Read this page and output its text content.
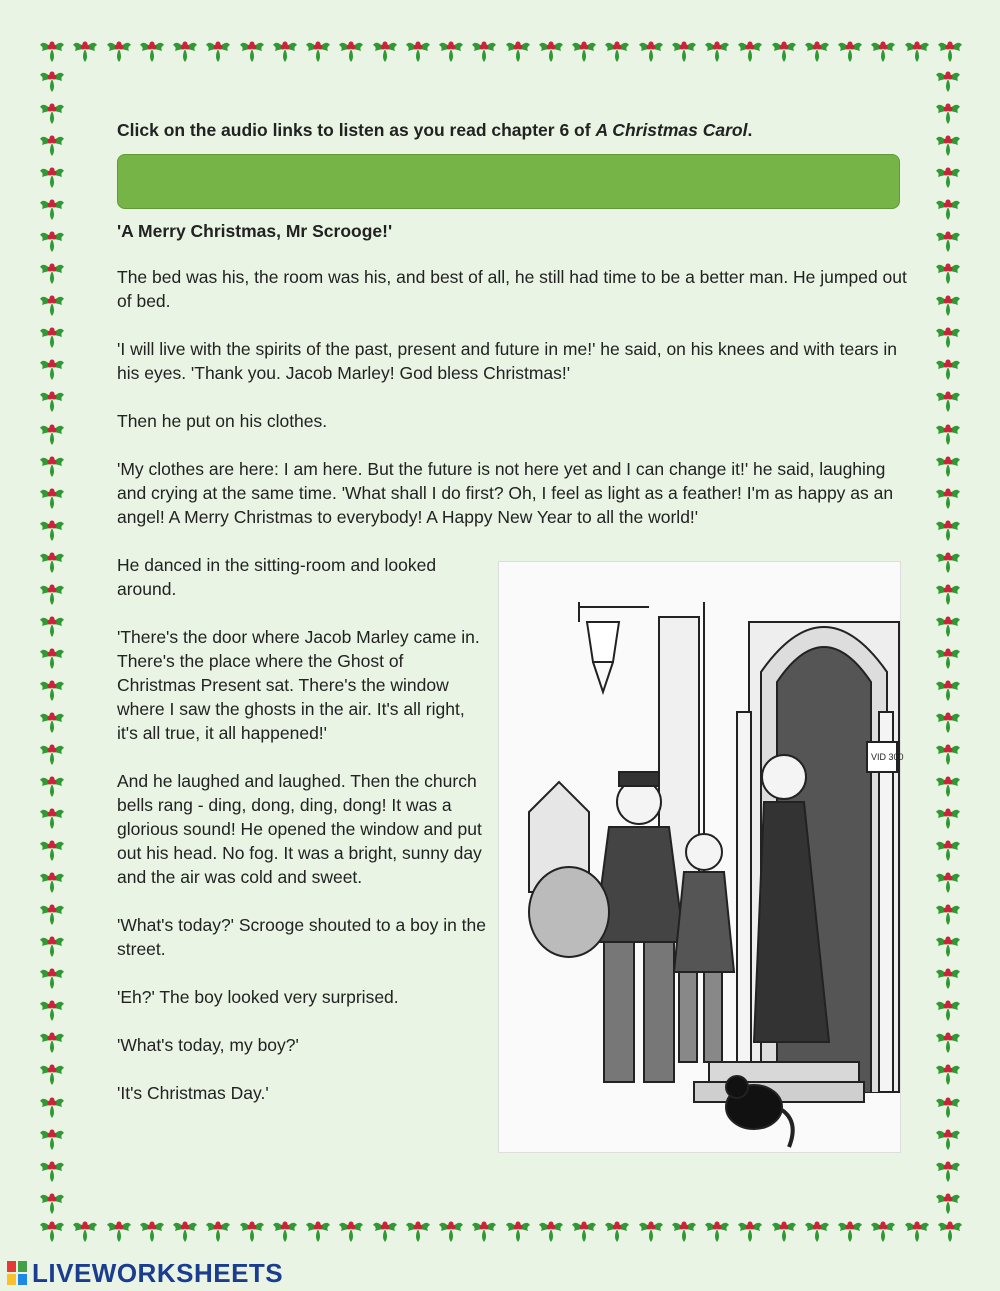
Click on the audio links to listen as you read chapter 6 of A Christmas Carol.
'A Merry Christmas, Mr Scrooge!'

The bed was his, the room was his, and best of all, he still had time to be a better man. He jumped out of bed.

'I will live with the spirits of the past, present and future in me!' he said, on his knees and with tears in his eyes. 'Thank you. Jacob Marley! God bless Christmas!'

Then he put on his clothes.

'My clothes are here: I am here. But the future is not here yet and I can change it!' he said, laughing and crying at the same time. 'What shall I do first? Oh, I feel as light as a feather! I'm as happy as an angel! A Merry Christmas to everybody! A Happy New Year to all the world!'

He danced in the sitting-room and looked around.

'There's the door where Jacob Marley came in. There's the place where the Ghost of Christmas Present sat. There's the window where I saw the ghosts in the air. It's all right, it's all true, it all happened!'

And he laughed and laughed. Then the church bells rang - ding, dong, ding, dong! It was a glorious sound! He opened the window and put out his head. No fog. It was a bright, sunny day and the air was cold and sweet.

'What's today?' Scrooge shouted to a boy in the street.

'Eh?' The boy looked very surprised.

'What's today, my boy?'

'It's Christmas Day.'

VID 300
LIVEWORKSHEETS
